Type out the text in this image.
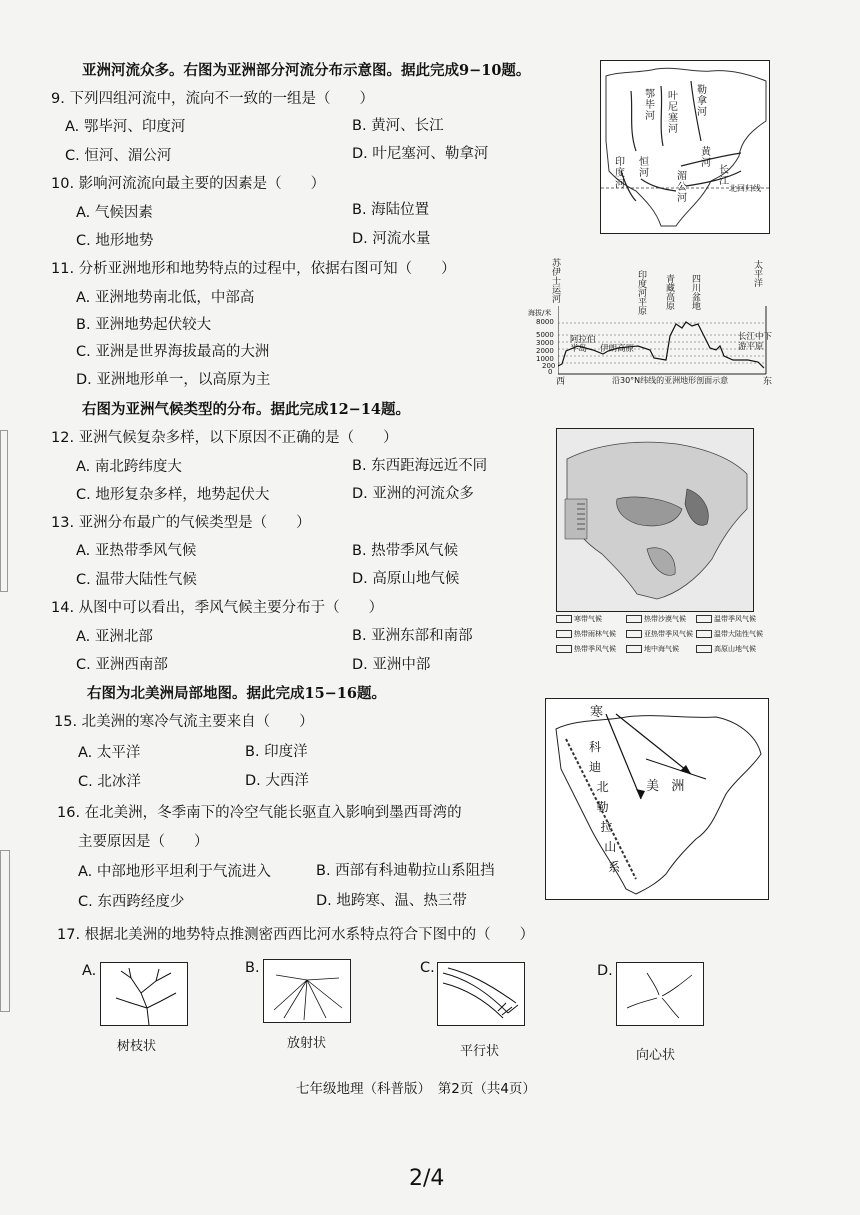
亚洲河流众多。右图为亚洲部分河流分布示意图。据此完成9−10题。
9. 下列四组河流中，流向不一致的一组是（　　）
A. 鄂毕河、印度河	B. 黄河、长江
C. 恒河、湄公河	D. 叶尼塞河、勒拿河
10. 影响河流流向最主要的因素是（　　）
A. 气候因素	B. 海陆位置
C. 地形地势	D. 河流水量
鄂
毕
河
叶
尼
塞
河
勒
拿
河
恒
河
印
度
河
黄
河
长
江
湄
公
河
北回归线
11. 分析亚洲地形和地势特点的过程中，依据右图可知（　　）
A. 亚洲地势南北低，中部高
B. 亚洲地势起伏较大
C. 亚洲是世界海拔最高的大洲
D. 亚洲地形单一，以高原为主
苏伊士运河
印度河平原
青藏高原
四川盆地
太平洋
海拔/米
8000
5000
3000
2000
1000
200
0
阿拉伯半岛	伊朗高原
长江中下游平原
西	东
沿30°N纬线的亚洲地形剖面示意
右图为亚洲气候类型的分布。据此完成12−14题。
12. 亚洲气候复杂多样，以下原因不正确的是（　　）
A. 南北跨纬度大	B. 东西距海远近不同
C. 地形复杂多样，地势起伏大	D. 亚洲的河流众多
13. 亚洲分布最广的气候类型是（　　）
A. 亚热带季风气候	B. 热带季风气候
C. 温带大陆性气候	D. 高原山地气候
14. 从图中可以看出，季风气候主要分布于（　　）
A. 亚洲北部	B. 亚洲东部和南部
C. 亚洲西南部	D. 亚洲中部
寒带气候	热带沙漠气候	温带季风气候
热带雨林气候	亚热带季风气候	温带大陆性气候
热带季风气候	地中海气候	高原山地气候
右图为北美洲局部地图。据此完成15−16题。
15. 北美洲的寒冷气流主要来自（　　）
A. 太平洋	B. 印度洋
C. 北冰洋	D. 大西洋
16. 在北美洲，冬季南下的冷空气能长驱直入影响到墨西哥湾的
主要原因是（　　）
A. 中部地形平坦利于气流进入	B. 西部有科迪勒拉山系阻挡
C. 东西跨经度少	D. 地跨寒、温、热三带
寒
科
迪
北
勒
拉
山
系
美 洲
17. 根据北美洲的地势特点推测密西西比河水系特点符合下图中的（　　）
A.
树枝状
B.
放射状
C.
平行状
D.
向心状
七年级地理（科普版）　第2页（共4页）
2/4
